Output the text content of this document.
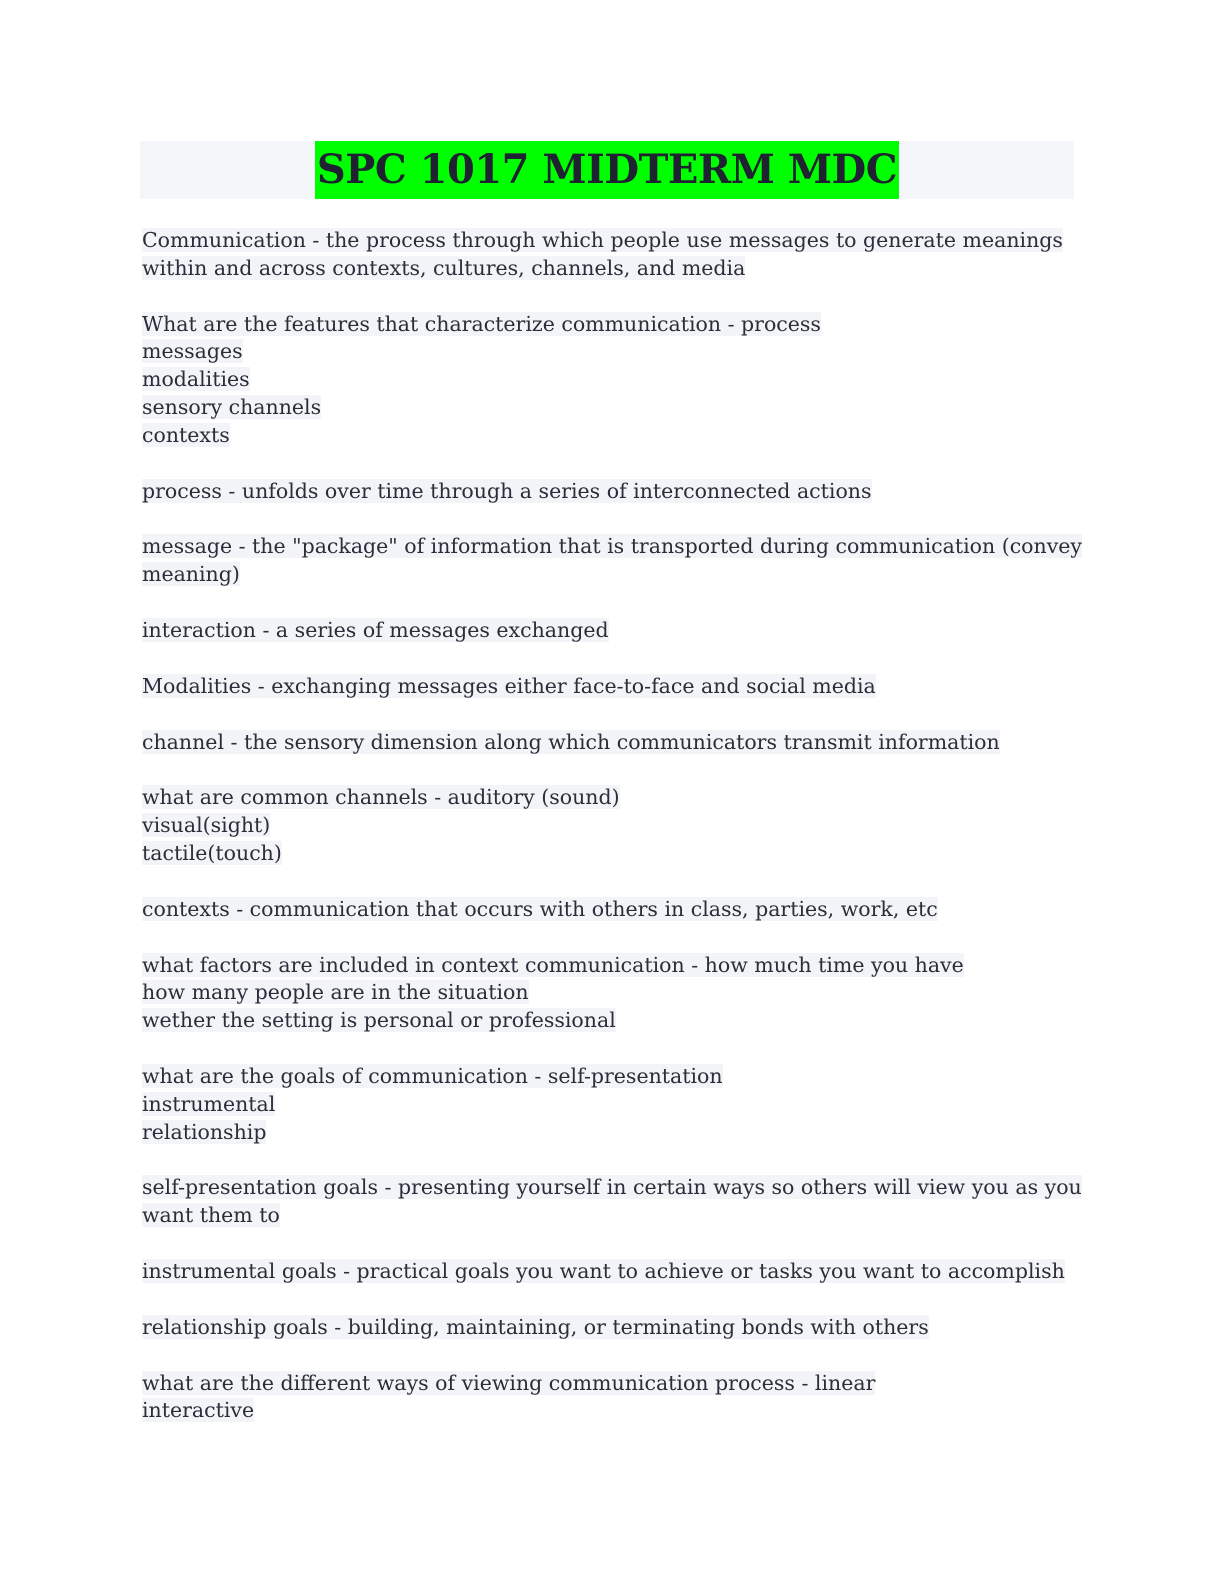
SPC 1017 MIDTERM MDC
Communication - the process through which people use messages to generate meanings
within and across contexts, cultures, channels, and media
What are the features that characterize communication - process
messages
modalities
sensory channels
contexts
process - unfolds over time through a series of interconnected actions
message - the "package" of information that is transported during communication (convey
meaning)
interaction - a series of messages exchanged
Modalities - exchanging messages either face-to-face and social media
channel - the sensory dimension along which communicators transmit information
what are common channels - auditory (sound)
visual(sight)
tactile(touch)
contexts - communication that occurs with others in class, parties, work, etc
what factors are included in context communication - how much time you have
how many people are in the situation
wether the setting is personal or professional
what are the goals of communication - self-presentation
instrumental
relationship
self-presentation goals - presenting yourself in certain ways so others will view you as you
want them to
instrumental goals - practical goals you want to achieve or tasks you want to accomplish
relationship goals - building, maintaining, or terminating bonds with others
what are the different ways of viewing communication process - linear
interactive
